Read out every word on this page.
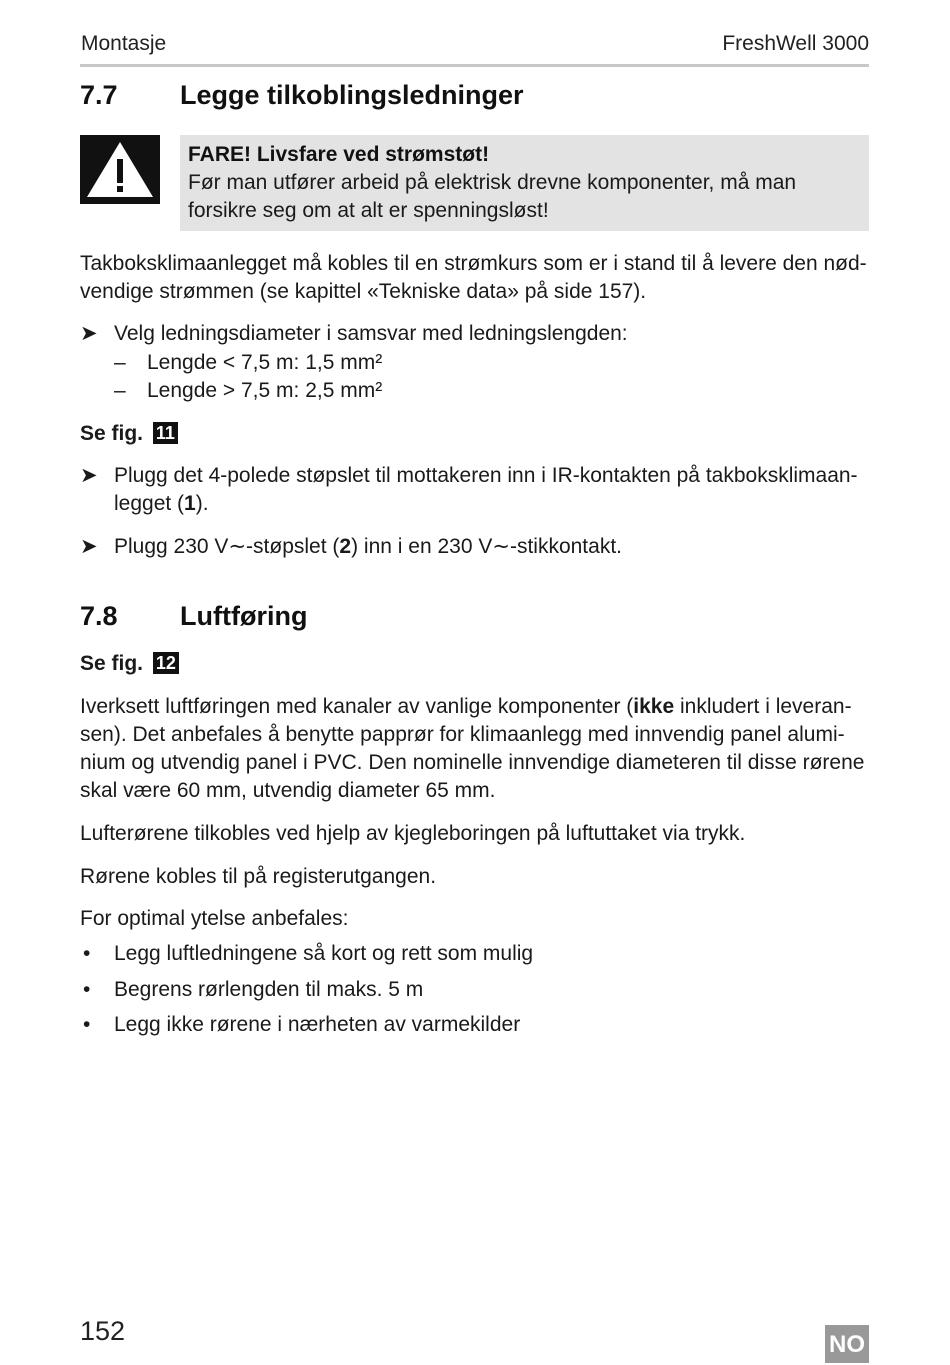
Montasje	FreshWell 3000
7.7 Legge tilkoblingsledninger
FARE! Livsfare ved strømstøt!
Før man utfører arbeid på elektrisk drevne komponenter, må man
forsikre seg om at alt er spenningsløst!
Takboksklimaanlegget må kobles til en strømkurs som er i stand til å levere den nød-
vendige strømmen (se kapittel «Tekniske data» på side 157).
➤ Velg ledningsdiameter i samsvar med ledningslengden:
– Lengde < 7,5 m: 1,5 mm²
– Lengde > 7,5 m: 2,5 mm²
Se fig. 11
➤ Plugg det 4-polede støpslet til mottakeren inn i IR-kontakten på takboksklimaan-
legget (1).
➤ Plugg 230 V∼-støpslet (2) inn i en 230 V∼-stikkontakt.
7.8 Luftføring
Se fig. 12
Iverksett luftføringen med kanaler av vanlige komponenter (ikke inkludert i leveran-
sen). Det anbefales å benytte papprør for klimaanlegg med innvendig panel alumi-
nium og utvendig panel i PVC. Den nominelle innvendige diameteren til disse rørene
skal være 60 mm, utvendig diameter 65 mm.
Lufterørene tilkobles ved hjelp av kjegleboringen på luftuttaket via trykk.
Rørene kobles til på registerutgangen.
For optimal ytelse anbefales:
• Legg luftledningene så kort og rett som mulig
• Begrens rørlengden til maks. 5 m
• Legg ikke rørene i nærheten av varmekilder
152	NO
